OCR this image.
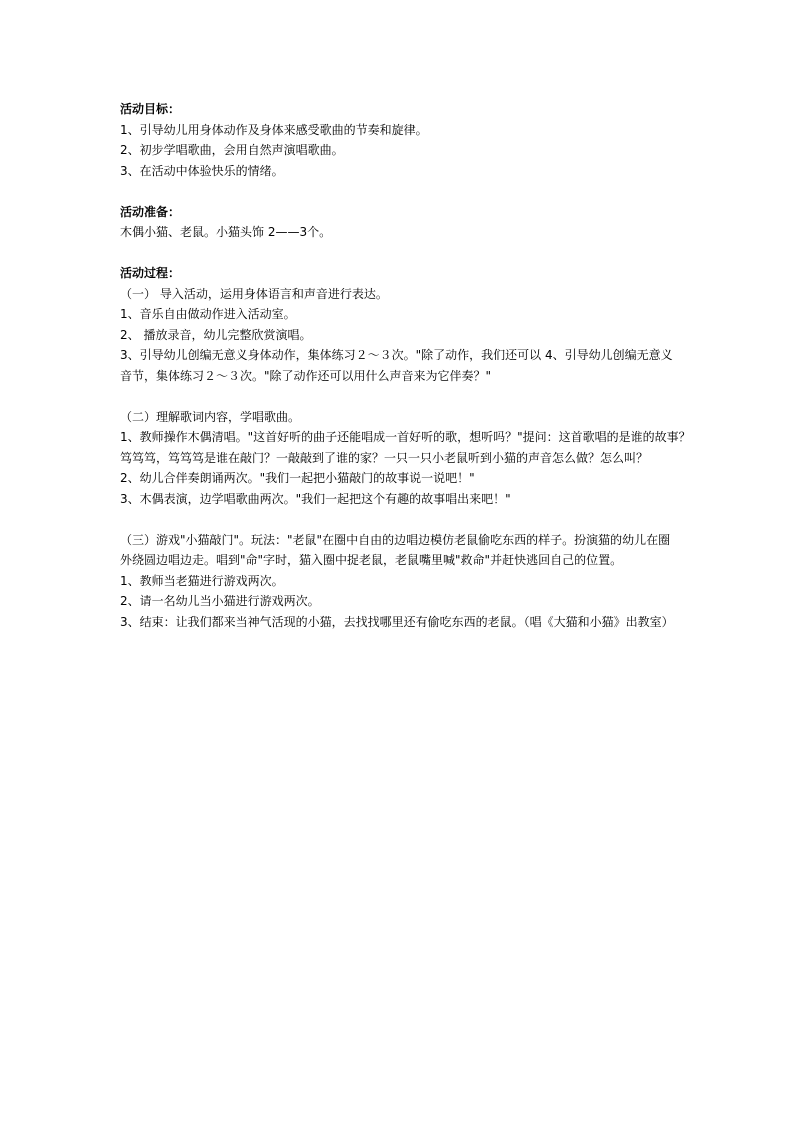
活动目标：
1、引导幼儿用身体动作及身体来感受歌曲的节奏和旋律。
2、初步学唱歌曲，会用自然声演唱歌曲。
3、在活动中体验快乐的情绪。
活动准备：
木偶小猫、老鼠。小猫头饰 2——3个。
活动过程：
（一） 导入活动，运用身体语言和声音进行表达。
1、音乐自由做动作进入活动室。
2、 播放录音，幼儿完整欣赏演唱。
3、引导幼儿创编无意义身体动作，集体练习２～３次。"除了动作，我们还可以 4、引导幼儿创编无意义
音节，集体练习２～３次。"除了动作还可以用什么声音来为它伴奏？"
（二）理解歌词内容，学唱歌曲。
1、教师操作木偶清唱。"这首好听的曲子还能唱成一首好听的歌，想听吗？"提问：这首歌唱的是谁的故事？
笃笃笃，笃笃笃是谁在敲门？一敲敲到了谁的家？一只一只小老鼠听到小猫的声音怎么做？怎么叫？
2、幼儿合伴奏朗诵两次。"我们一起把小猫敲门的故事说一说吧！"
3、木偶表演，边学唱歌曲两次。"我们一起把这个有趣的故事唱出来吧！"
（三）游戏"小猫敲门"。玩法："老鼠"在圈中自由的边唱边模仿老鼠偷吃东西的样子。扮演猫的幼儿在圈
外绕圆边唱边走。唱到"命"字时，猫入圈中捉老鼠，老鼠嘴里喊"救命"并赶快逃回自己的位置。
1、教师当老猫进行游戏两次。
2、请一名幼儿当小猫进行游戏两次。
3、结束：让我们都来当神气活现的小猫，去找找哪里还有偷吃东西的老鼠。（唱《大猫和小猫》出教室）
